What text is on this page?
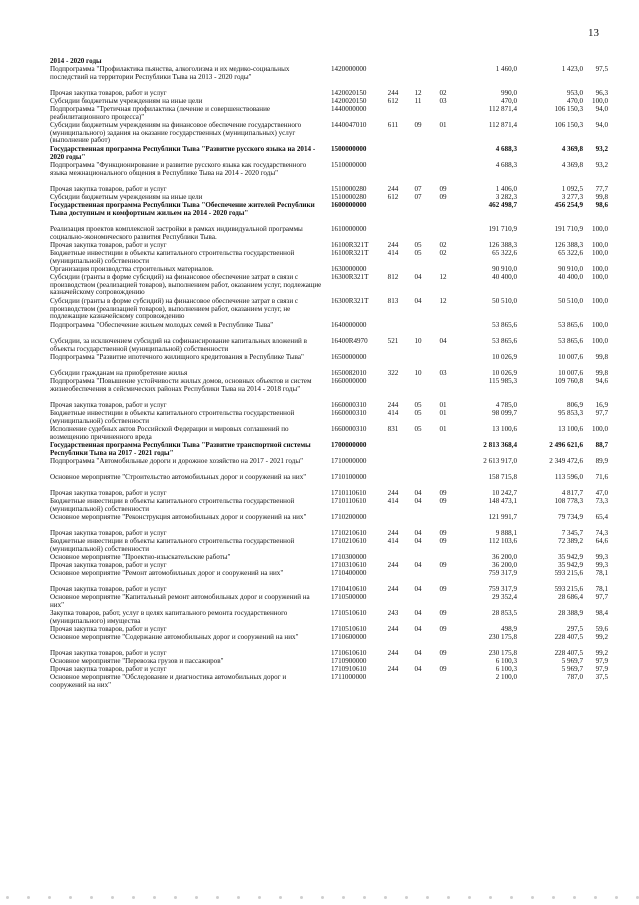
13
2014 - 2020 годы
Подпрограмма "Профилактика пьянства, алкоголизма и их медико-социальных последствий на территории Республики Тыва на 2013 - 2020 годы"
1420000000	1 460,0	1 423,0	97,5
Прочая закупка товаров, работ и услуг	1420020150	244	12	02	990,0	953,0	96,3
Субсидии бюджетным учреждениям на иные цели	1420020150	612	11	03	470,0	470,0	100,0
Подпрограмма "Третичная профилактика (лечение и совершенствование реабилитационного процесса)"
1440000000	112 871,4	106 150,3	94,0
Субсидии бюджетным учреждениям на финансовое обеспечение государственного (муниципального) задания на оказание государственных (муниципальных) услуг (выполнение работ)
1440047010	611	09	01	112 871,4	106 150,3	94,0
Государственная программа Республики Тыва "Развитие русского языка на 2014 - 2020 годы"
1500000000	4 688,3	4 369,8	93,2
Подпрограмма "Функционирование и развитие русского языка как государственного языка межнационального общения в Республике Тыва на 2014 - 2020 годы"
1510000000	4 688,3	4 369,8	93,2
Прочая закупка товаров, работ и услуг	1510000280	244	07	09	1 406,0	1 092,5	77,7
Субсидии бюджетным учреждениям на иные цели	1510000280	612	07	09	3 282,3	3 277,3	99,8
Государственная программа Республики Тыва "Обеспечение жителей Республики Тыва доступным и комфортным жильем на 2014 - 2020 годы"
1600000000	462 498,7	456 254,9	98,6
Реализация проектов комплексной застройки в рамках индивидуальной программы социально-экономического развития Республики Тыва.
1610000000	191 710,9	191 710,9	100,0
Прочая закупка товаров, работ и услуг	16100R321T	244	05	02	126 388,3	126 388,3	100,0
Бюджетные инвестиции в объекты капитального строительства государственной (муниципальной) собственности
16100R321T	414	05	02	65 322,6	65 322,6	100,0
Организация производства строительных материалов.	1630000000	90 910,0	90 910,0	100,0
Субсидии (гранты в форме субсидий) на финансовое обеспечение затрат в связи с производством (реализацией товаров), выполнением работ, оказанием услуг, подлежащие казначейскому сопровождению
16300R321T	812	04	12	40 400,0	40 400,0	100,0
Субсидии (гранты в форме субсидий) на финансовое обеспечение затрат в связи с производством (реализацией товаров), выполнением работ, оказанием услуг, не подлежащие казначейскому сопровождению
16300R321T	813	04	12	50 510,0	50 510,0	100,0
Подпрограмма "Обеспечение жильем молодых семей в Республике Тыва"	1640000000	53 865,6	53 865,6	100,0
Субсидии, за исключением субсидий на софинансирование капитальных вложений в объекты государственной (муниципальной) собственности
16400R4970	521	10	04	53 865,6	53 865,6	100,0
Подпрограмма "Развитие ипотечного жилищного кредитования в Республике Тыва"	1650000000	10 026,9	10 007,6	99,8
Субсидии гражданам на приобретение жилья	1650082010	322	10	03	10 026,9	10 007,6	99,8
Подпрограмма "Повышение устойчивости жилых домов, основных объектов и систем жизнеобеспечения в сейсмических районах Республики Тыва на 2014 - 2018 годы"
1660000000	115 985,3	109 760,8	94,6
Прочая закупка товаров, работ и услуг	1660000310	244	05	01	4 785,0	806,9	16,9
Бюджетные инвестиции в объекты капитального строительства государственной (муниципальной) собственности
1660000310	414	05	01	98 099,7	95 853,3	97,7
Исполнение судебных актов Российской Федерации и мировых соглашений по возмещению причиненного вреда
1660000310	831	05	01	13 100,6	13 100,6	100,0
Государственная программа Республики Тыва "Развитие транспортной системы Республики Тыва на 2017 - 2021 годы"
1700000000	2 813 368,4	2 496 621,6	88,7
Подпрограмма "Автомобильные дороги и дорожное хозяйство на 2017 - 2021 годы"	1710000000	2 613 917,0	2 349 472,6	89,9
Основное мероприятие "Строительство автомобильных дорог и сооружений на них"	1710100000	158 715,8	113 596,0	71,6
Прочая закупка товаров, работ и услуг	1710110610	244	04	09	10 242,7	4 817,7	47,0
Бюджетные инвестиции в объекты капитального строительства государственной (муниципальной) собственности
1710110610	414	04	09	148 473,1	108 778,3	73,3
Основное мероприятие "Реконструкция автомобильных дорог и сооружений на них"	1710200000	121 991,7	79 734,9	65,4
Прочая закупка товаров, работ и услуг	1710210610	244	04	09	9 888,1	7 345,7	74,3
Бюджетные инвестиции в объекты капитального строительства государственной (муниципальной) собственности
1710210610	414	04	09	112 103,6	72 389,2	64,6
Основное мероприятие "Проектно-изыскательские работы"	1710300000	36 200,0	35 942,9	99,3
Прочая закупка товаров, работ и услуг	1710310610	244	04	09	36 200,0	35 942,9	99,3
Основное мероприятие "Ремонт автомобильных дорог и сооружений на них"	1710400000	759 317,9	593 215,6	78,1
Прочая закупка товаров, работ и услуг	1710410610	244	04	09	759 317,9	593 215,6	78,1
Основное мероприятие "Капитальный ремонт автомобильных дорог и сооружений на них"
1710500000	29 352,4	28 686,4	97,7
Закупка товаров, работ, услуг в целях капитального ремонта государственного (муниципального) имущества
1710510610	243	04	09	28 853,5	28 388,9	98,4
Прочая закупка товаров, работ и услуг	1710510610	244	04	09	498,9	297,5	59,6
Основное мероприятие "Содержание автомобильных дорог и сооружений на них"	1710600000	230 175,8	228 407,5	99,2
Прочая закупка товаров, работ и услуг	1710610610	244	04	09	230 175,8	228 407,5	99,2
Основное мероприятие "Перевозка грузов и пассажиров"	1710900000	6 100,3	5 969,7	97,9
Прочая закупка товаров, работ и услуг	1710910610	244	04	09	6 100,3	5 969,7	97,9
Основное мероприятие "Обследование и диагностика автомобильных дорог и сооружений на них"
1711000000	2 100,0	787,0	37,5
